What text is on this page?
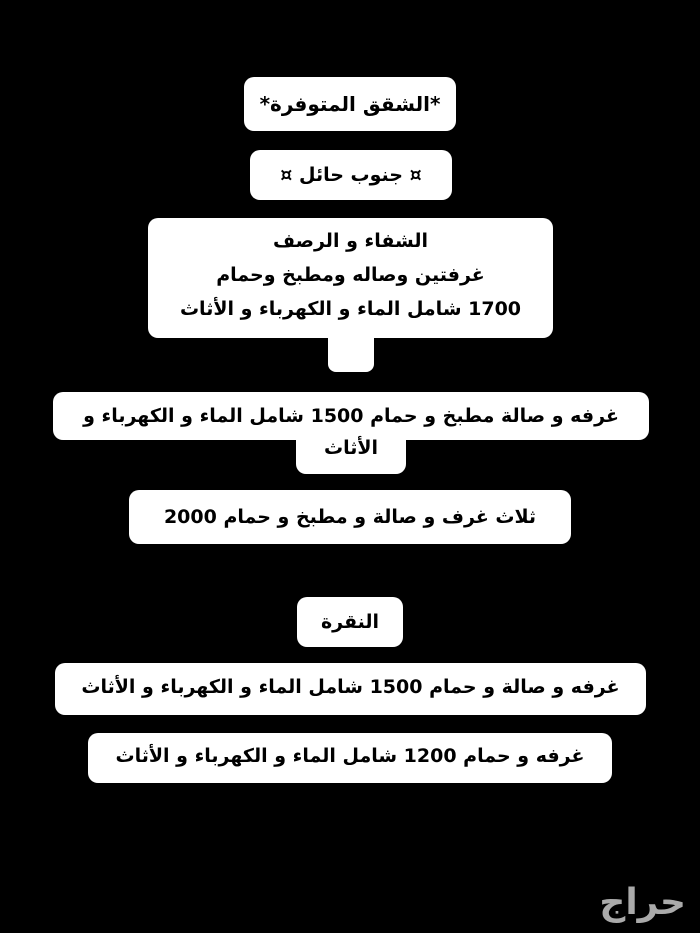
*الشقق المتوفرة*
¤ جنوب حائل ¤
الشفاء و الرصف
غرفتين وصاله ومطبخ وحمام
1700 شامل الماء و الكهرباء و الأثاث
غرفه و صالة مطبخ و حمام 1500 شامل الماء و الكهرباء و
الأثاث
ثلاث غرف و صالة و مطبخ و حمام 2000
النقرة
غرفه و صالة و حمام 1500 شامل الماء و الكهرباء و الأثاث
غرفه و حمام 1200 شامل الماء و الكهرباء و الأثاث
حراج
